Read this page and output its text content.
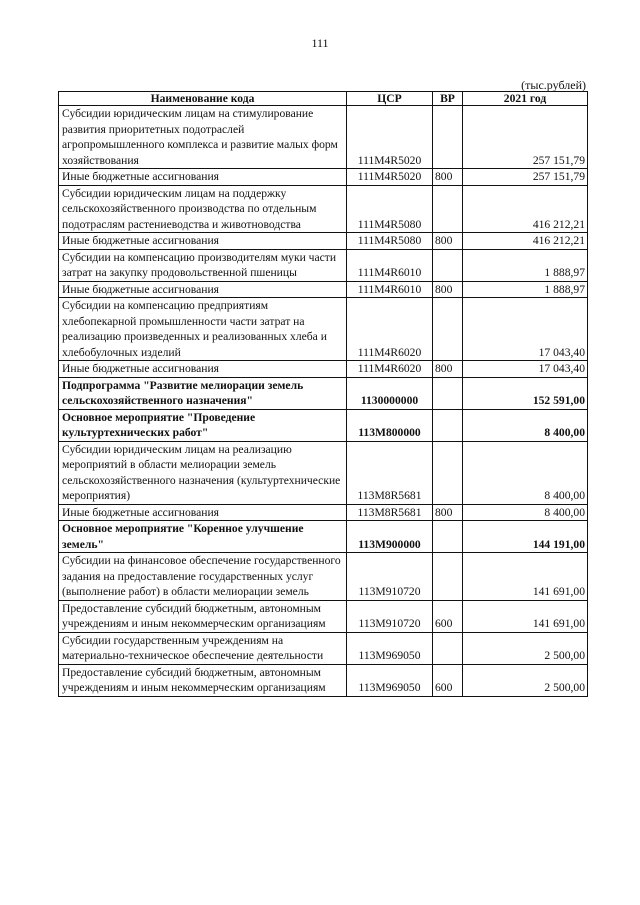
111
(тыс.рублей)
Наименование кода	ЦСР	ВР	2021 год
Субсидии юридическим лицам на стимулирование развития приоритетных подотраслей агропромышленного комплекса и развитие малых форм хозяйствования	111M4R5020		257 151,79
Иные бюджетные ассигнования	111M4R5020	800	257 151,79
Субсидии юридическим лицам на поддержку сельскохозяйственного производства по отдельным подотраслям растениеводства и животноводства	111M4R5080		416 212,21
Иные бюджетные ассигнования	111M4R5080	800	416 212,21
Субсидии на компенсацию производителям муки части затрат на закупку продовольственной пшеницы	111M4R6010		1 888,97
Иные бюджетные ассигнования	111M4R6010	800	1 888,97
Субсидии на компенсацию предприятиям хлебопекарной промышленности части затрат на реализацию произведенных и реализованных хлеба и хлебобулочных изделий	111M4R6020		17 043,40
Иные бюджетные ассигнования	111M4R6020	800	17 043,40
Подпрограмма "Развитие мелиорации земель сельскохозяйственного назначения"	1130000000		152 591,00
Основное мероприятие "Проведение культуртехнических работ"	113M800000		8 400,00
Субсидии юридическим лицам на реализацию мероприятий в области мелиорации земель сельскохозяйственного назначения (культуртехнические мероприятия)	113M8R5681		8 400,00
Иные бюджетные ассигнования	113M8R5681	800	8 400,00
Основное мероприятие "Коренное улучшение земель"	113M900000		144 191,00
Субсидии на финансовое обеспечение государственного задания на предоставление государственных услуг (выполнение работ) в области мелиорации земель	113M910720		141 691,00
Предоставление субсидий бюджетным, автономным учреждениям и иным некоммерческим организациям	113M910720	600	141 691,00
Субсидии государственным учреждениям на материально-техническое обеспечение деятельности	113M969050		2 500,00
Предоставление субсидий бюджетным, автономным учреждениям и иным некоммерческим организациям	113M969050	600	2 500,00
